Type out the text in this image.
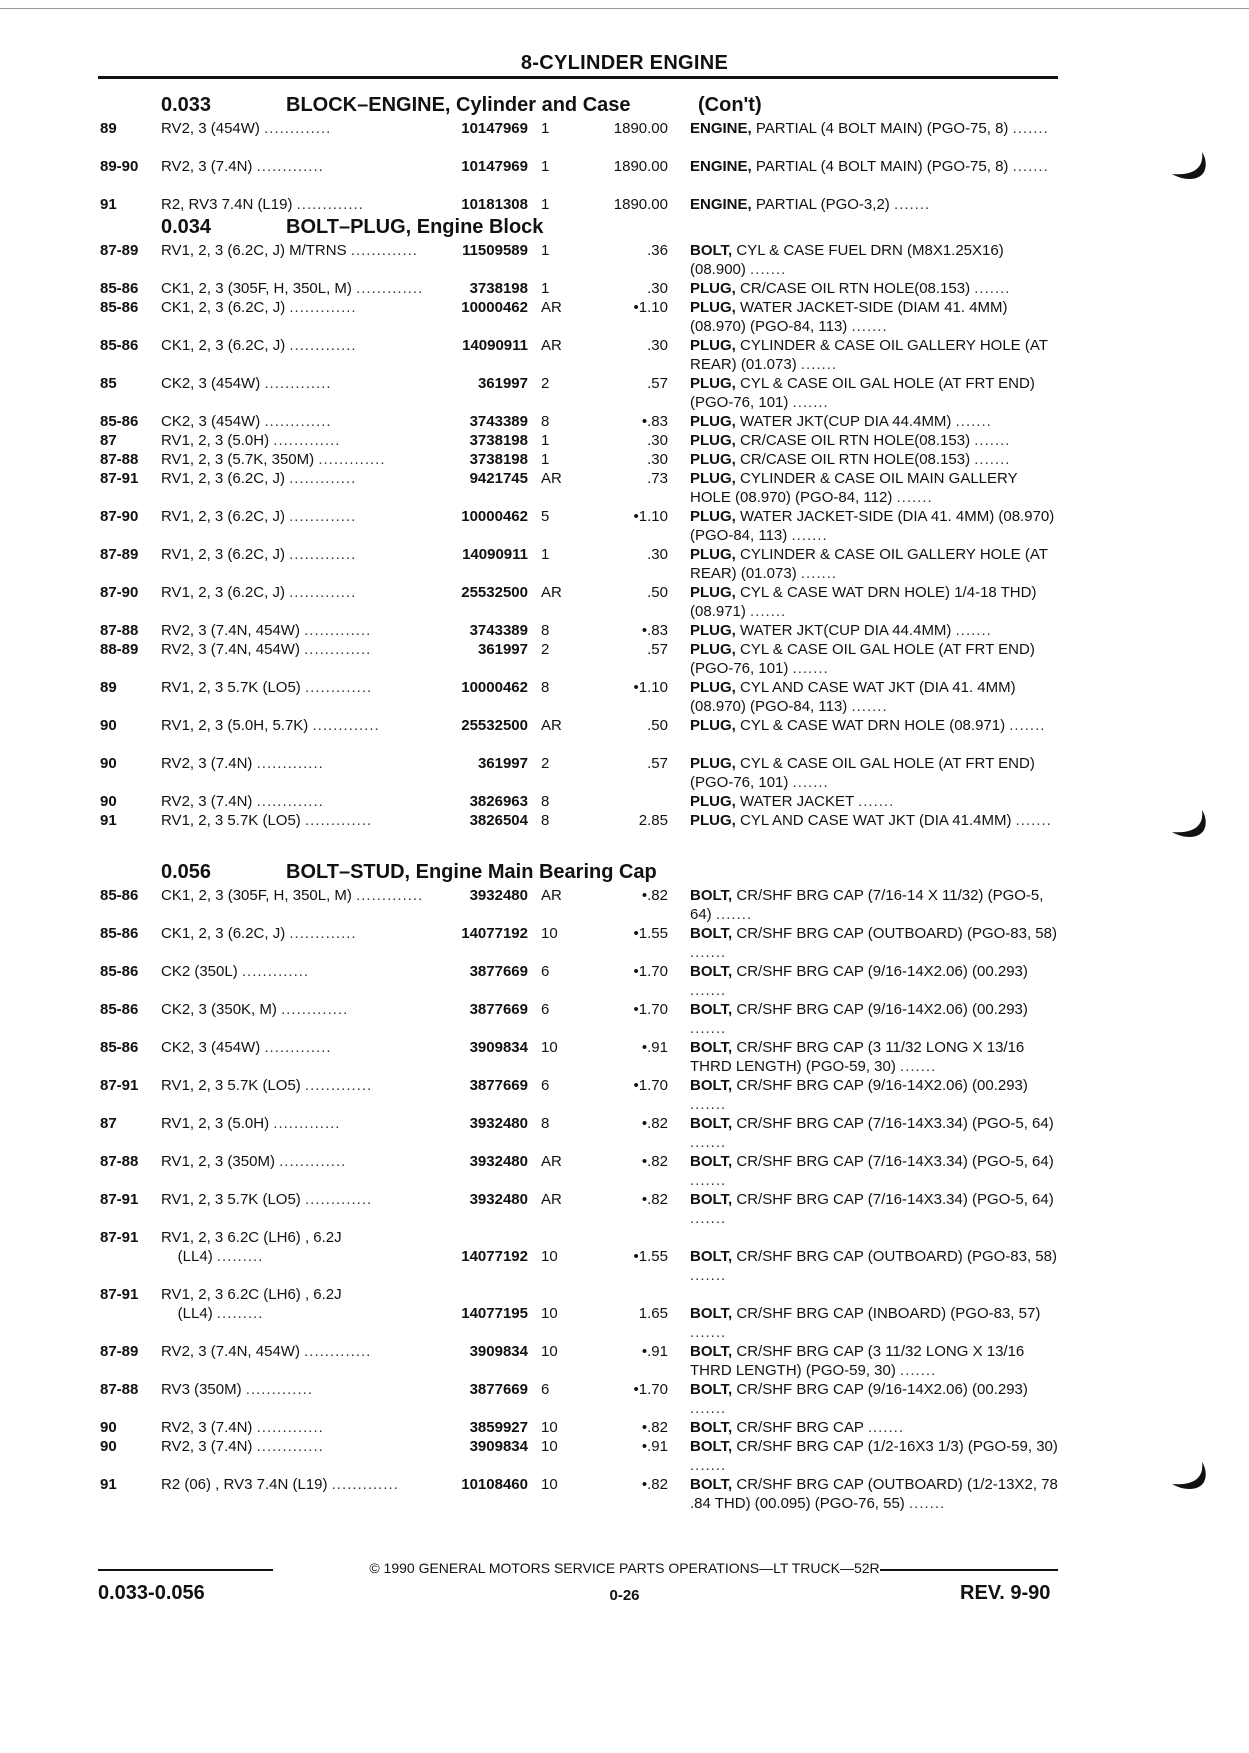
8-CYLINDER ENGINE
0.033	BLOCK–ENGINE, Cylinder and Case	(Con't)
89	RV2, 3 (454W) .............	10147969 1	1890.00 ENGINE, PARTIAL (4 BOLT MAIN) (PGO-75, 8) .......
89-90	RV2, 3 (7.4N) .............	10147969 1	1890.00 ENGINE, PARTIAL (4 BOLT MAIN) (PGO-75, 8) .......
91	R2, RV3 7.4N (L19) .............	10181308 1	1890.00 ENGINE, PARTIAL (PGO-3,2) .......
0.034	BOLT–PLUG, Engine Block
87-89	RV1, 2, 3 (6.2C, J) M/TRNS .............	11509589 1	.36 BOLT, CYL & CASE FUEL DRN (M8X1.25X16) (08.900) .......
85-86	CK1, 2, 3 (305F, H, 350L, M) .............	3738198 1	.30 PLUG, CR/CASE OIL RTN HOLE(08.153) .......
85-86	CK1, 2, 3 (6.2C, J) .............	10000462 AR	•1.10 PLUG, WATER JACKET-SIDE (DIAM 41. 4MM) (08.970) (PGO-84, 113) .......
85-86	CK1, 2, 3 (6.2C, J) .............	14090911 AR	.30 PLUG, CYLINDER & CASE OIL GALLERY HOLE (AT REAR) (01.073) .......
85	CK2, 3 (454W) .............	361997 2	.57 PLUG, CYL & CASE OIL GAL HOLE (AT FRT END) (PGO-76, 101) .......
85-86	CK2, 3 (454W) .............	3743389 8	•.83 PLUG, WATER JKT(CUP DIA 44.4MM) .......
87	RV1, 2, 3 (5.0H) .............	3738198 1	.30 PLUG, CR/CASE OIL RTN HOLE(08.153) .......
87-88	RV1, 2, 3 (5.7K, 350M) .............	3738198 1	.30 PLUG, CR/CASE OIL RTN HOLE(08.153) .......
87-91	RV1, 2, 3 (6.2C, J) .............	9421745 AR	.73 PLUG, CYLINDER & CASE OIL MAIN GALLERY HOLE (08.970) (PGO-84, 112) .......
87-90	RV1, 2, 3 (6.2C, J) .............	10000462 5	•1.10 PLUG, WATER JACKET-SIDE (DIA 41. 4MM) (08.970) (PGO-84, 113) .......
87-89	RV1, 2, 3 (6.2C, J) .............	14090911 1	.30 PLUG, CYLINDER & CASE OIL GALLERY HOLE (AT REAR) (01.073) .......
87-90	RV1, 2, 3 (6.2C, J) .............	25532500 AR	.50 PLUG, CYL & CASE WAT DRN HOLE) 1/4-18 THD) (08.971) .......
87-88	RV2, 3 (7.4N, 454W) .............	3743389 8	•.83 PLUG, WATER JKT(CUP DIA 44.4MM) .......
88-89	RV2, 3 (7.4N, 454W) .............	361997 2	.57 PLUG, CYL & CASE OIL GAL HOLE (AT FRT END) (PGO-76, 101) .......
89	RV1, 2, 3 5.7K (LO5) .............	10000462 8	•1.10 PLUG, CYL AND CASE WAT JKT (DIA 41. 4MM) (08.970) (PGO-84, 113) .......
90	RV1, 2, 3 (5.0H, 5.7K) .............	25532500 AR	.50 PLUG, CYL & CASE WAT DRN HOLE (08.971) .......
90	RV2, 3 (7.4N) .............	361997 2	.57 PLUG, CYL & CASE OIL GAL HOLE (AT FRT END) (PGO-76, 101) .......
90	RV2, 3 (7.4N) .............	3826963 8	PLUG, WATER JACKET .......
91	RV1, 2, 3 5.7K (LO5) .............	3826504 8	2.85 PLUG, CYL AND CASE WAT JKT (DIA 41.4MM) .......
0.056	BOLT–STUD, Engine Main Bearing Cap
85-86	CK1, 2, 3 (305F, H, 350L, M) .............	3932480 AR	•.82 BOLT, CR/SHF BRG CAP (7/16-14 X 11/32) (PGO-5, 64) .......
85-86	CK1, 2, 3 (6.2C, J) .............	14077192 10	•1.55 BOLT, CR/SHF BRG CAP (OUTBOARD) (PGO-83, 58) .......
85-86	CK2 (350L) .............	3877669 6	•1.70 BOLT, CR/SHF BRG CAP (9/16-14X2.06) (00.293) .......
85-86	CK2, 3 (350K, M) .............	3877669 6	•1.70 BOLT, CR/SHF BRG CAP (9/16-14X2.06) (00.293) .......
85-86	CK2, 3 (454W) .............	3909834 10	•.91 BOLT, CR/SHF BRG CAP (3 11/32 LONG X 13/16 THRD LENGTH) (PGO-59, 30) .......
87-91	RV1, 2, 3 5.7K (LO5) .............	3877669 6	•1.70 BOLT, CR/SHF BRG CAP (9/16-14X2.06) (00.293) .......
87	RV1, 2, 3 (5.0H) .............	3932480 8	•.82 BOLT, CR/SHF BRG CAP (7/16-14X3.34) (PGO-5, 64) .......
87-88	RV1, 2, 3 (350M) .............	3932480 AR	•.82 BOLT, CR/SHF BRG CAP (7/16-14X3.34) (PGO-5, 64) .......
87-91	RV1, 2, 3 5.7K (LO5) .............	3932480 AR	•.82 BOLT, CR/SHF BRG CAP (7/16-14X3.34) (PGO-5, 64) .......
87-91	RV1, 2, 3 6.2C (LH6) , 6.2J
(LL4) .........	14077192 10	•1.55 BOLT, CR/SHF BRG CAP (OUTBOARD) (PGO-83, 58) .......
87-91	RV1, 2, 3 6.2C (LH6) , 6.2J
(LL4) .........	14077195 10	1.65 BOLT, CR/SHF BRG CAP (INBOARD) (PGO-83, 57) .......
87-89	RV2, 3 (7.4N, 454W) .............	3909834 10	•.91 BOLT, CR/SHF BRG CAP (3 11/32 LONG X 13/16 THRD LENGTH) (PGO-59, 30) .......
87-88	RV3 (350M) .............	3877669 6	•1.70 BOLT, CR/SHF BRG CAP (9/16-14X2.06) (00.293) .......
90	RV2, 3 (7.4N) .............	3859927 10	•.82 BOLT, CR/SHF BRG CAP .......
90	RV2, 3 (7.4N) .............	3909834 10	•.91 BOLT, CR/SHF BRG CAP (1/2-16X3 1/3) (PGO-59, 30) .......
91	R2 (06) , RV3 7.4N (L19) .............	10108460 10	•.82 BOLT, CR/SHF BRG CAP (OUTBOARD) (1/2-13X2, 78 .84 THD) (00.095) (PGO-76, 55) .......
© 1990 GENERAL MOTORS SERVICE PARTS OPERATIONS—LT TRUCK—52R
0.033-0.056	0-26	REV. 9-90
